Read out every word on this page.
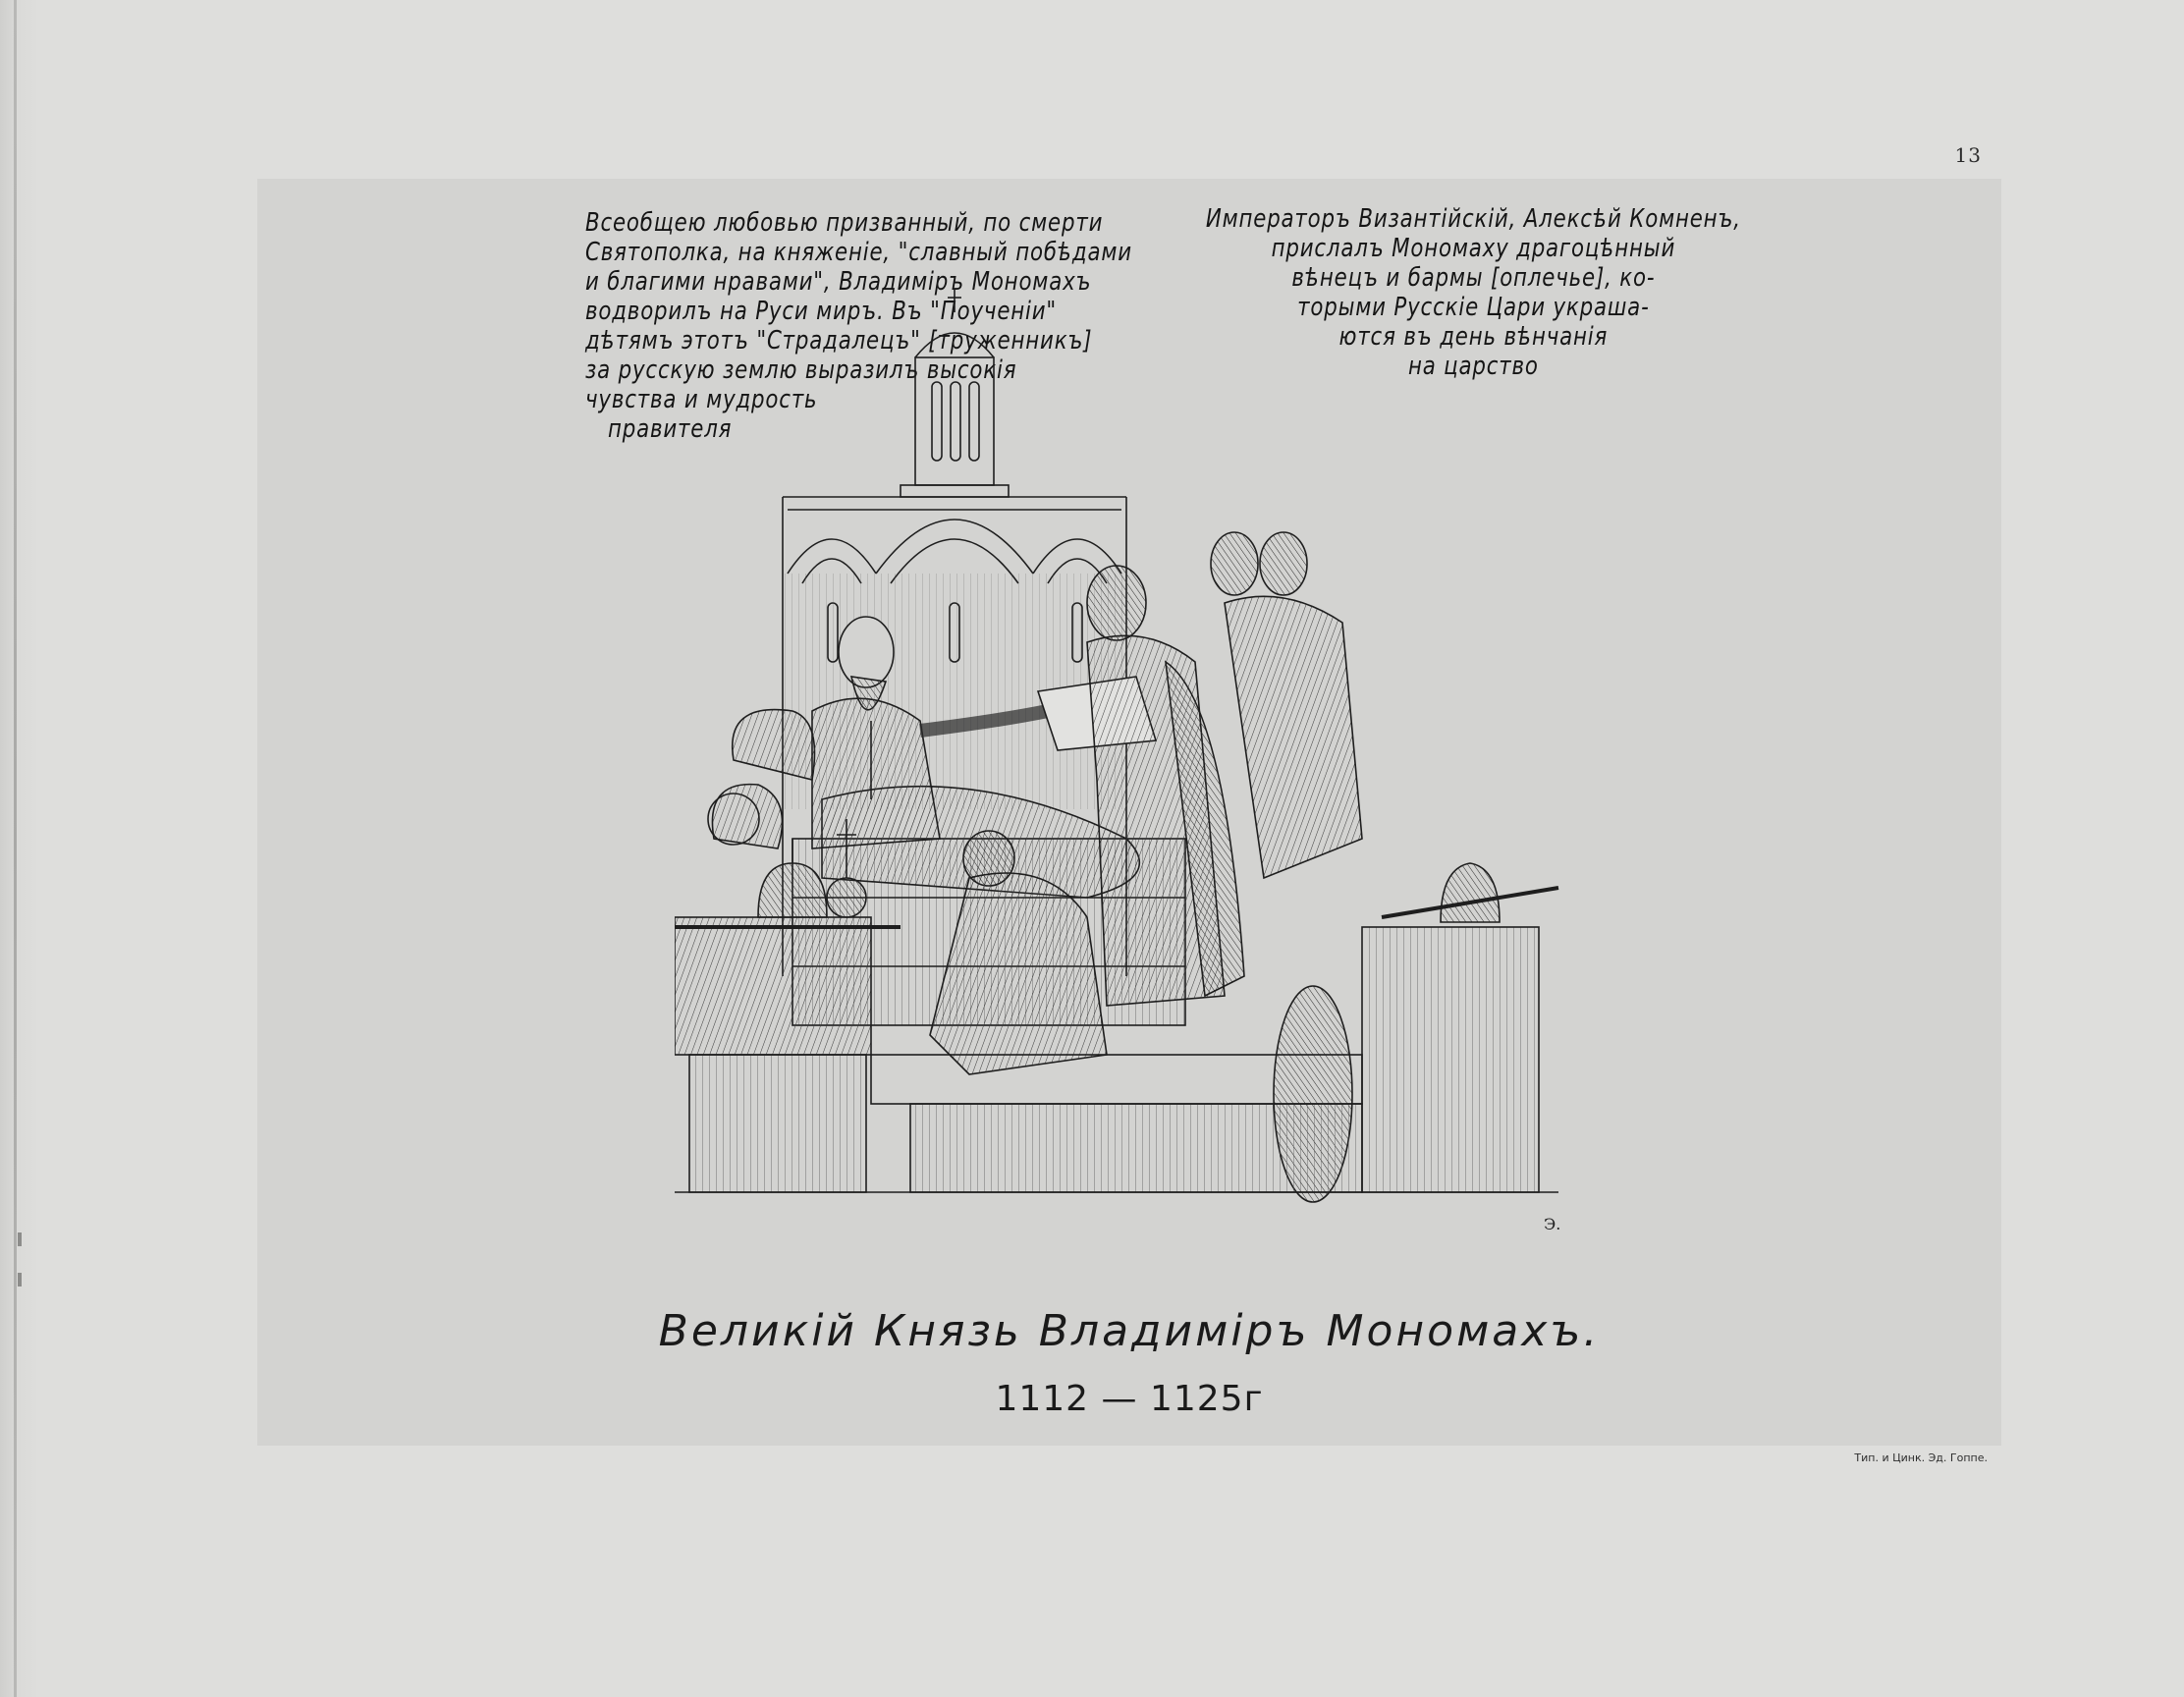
13
Всеобщею любовью призванный, по смерти
Святополка, на княженіе, "славный побѣдами
и благими нравами", Владиміръ Мономахъ
водворилъ на Руси миръ. Въ "Поученіи"
дѣтямъ этотъ "Страдалецъ" [труженникъ]
за русскую землю выразилъ высокія
чувства и мудрость
правителя
Императоръ Византійскій, Алексѣй Комненъ,
прислалъ Мономаху драгоцѣнный
вѣнецъ и бармы [оплечье], ко-
торыми Русскіе Цари украша-
ются въ день вѣнчанія
на царство
Э.
Великій Князь Владиміръ Мономахъ.
1112 — 1125г
Тип. и Цинк. Эд. Гоппе.
